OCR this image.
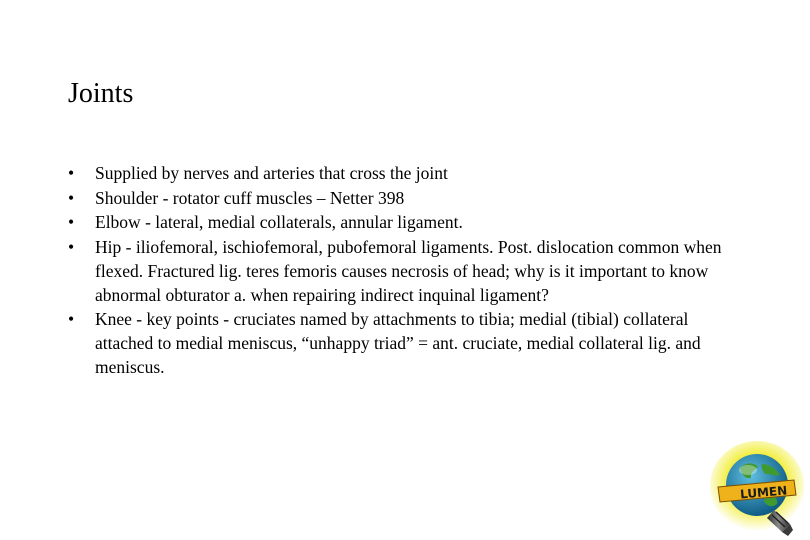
Joints
•	Supplied by nerves and arteries that cross the joint
•	Shoulder - rotator cuff muscles – Netter 398
•	Elbow - lateral, medial collaterals, annular ligament.
•	Hip - iliofemoral, ischiofemoral, pubofemoral ligaments. Post. dislocation common when flexed. Fractured lig. teres femoris causes necrosis of head; why is it important to know abnormal obturator a. when repairing indirect inquinal ligament?
•	Knee - key points - cruciates named by attachments to tibia; medial (tibial) collateral attached to medial meniscus, “unhappy triad” = ant. cruciate, medial collateral lig. and meniscus.
LUMEN
